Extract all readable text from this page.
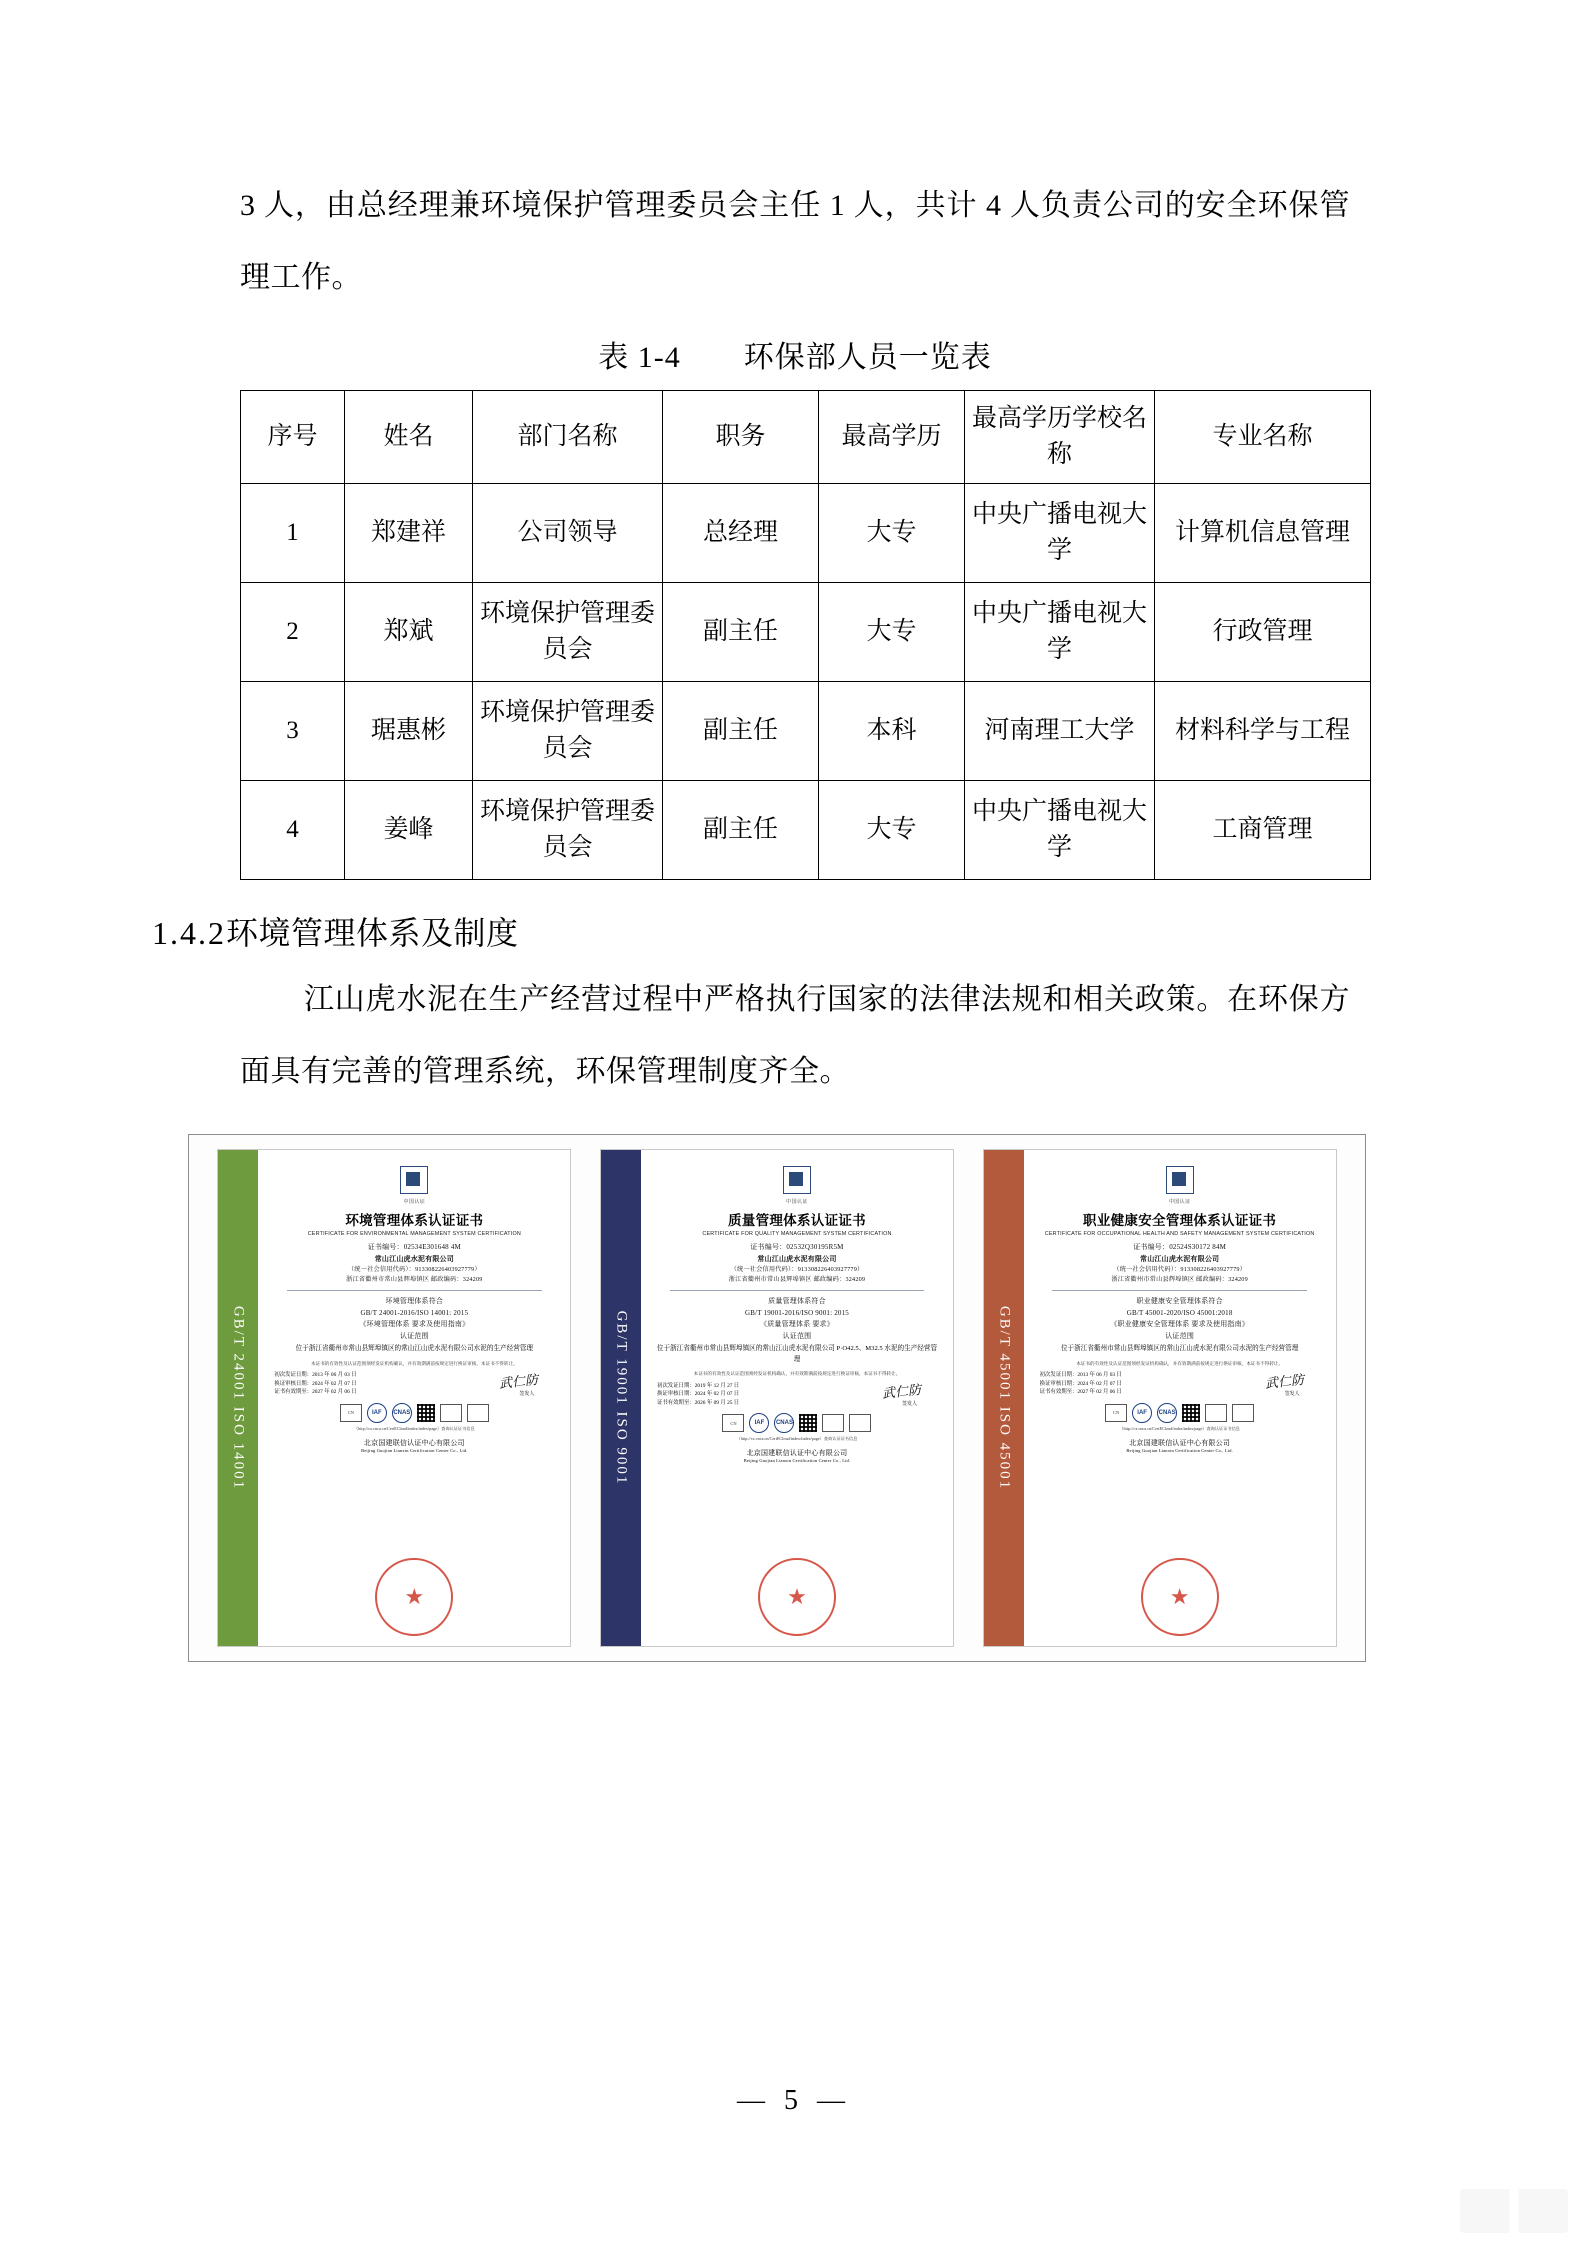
3 人，由总经理兼环境保护管理委员会主任 1 人，共计 4 人负责公司的安全环保管理工作。

表 1-4 环保部人员一览表
序号	姓名	部门名称	职务	最高学历	最高学历学校名称	专业名称
1	郑建祥	公司领导	总经理	大专	中央广播电视大学	计算机信息管理
2	郑斌	环境保护管理委员会	副主任	大专	中央广播电视大学	行政管理
3	琚惠彬	环境保护管理委员会	副主任	本科	河南理工大学	材料科学与工程
4	姜峰	环境保护管理委员会	副主任	大专	中央广播电视大学	工商管理
1.4.2环境管理体系及制度

江山虎水泥在生产经营过程中严格执行国家的法律法规和相关政策。在环保方面具有完善的管理系统，环保管理制度齐全。

GB/T 24001 ISO 14001
中国认证
环境管理体系认证证书
CERTIFICATE FOR ENVIRONMENTAL MANAGEMENT SYSTEM CERTIFICATION

证书编号：02534E301648 4M

常山江山虎水泥有限公司

（统一社会信用代码）：913308226403927779）

浙江省衢州市常山县辉埠镇区 邮政编码：324209

环境管理体系符合

GB/T 24001-2016/ISO 14001: 2015

《环境管理体系 要求及使用指南》

认证范围

位于浙江省衢州市常山县辉埠镇区的常山江山虎水泥有限公司水泥的生产经营管理
本证书的有效性及认证范围须经发证机构确认，并有效期满前按规定进行换证审核，本证书不得转让。
初次发证日期：2013 年 06 月 03 日
换证审核日期：2024 年 02 月 07 日
证书有效期至：2027 年 02 月 06 日
武仁防
签发人
CN	IAF	CNAS
（http://cx.cnca.cn/CertECloud/index/index/page）查询认证证书信息
北京国建联信认证中心有限公司
Beijing Guojian Lianxin Certification Center Co., Ltd.
★	GB/T 19001 ISO 9001
中国认证
质量管理体系认证证书
CERTIFICATE FOR QUALITY MANAGEMENT SYSTEM CERTIFICATION

证书编号：02532Q30195R5M

常山江山虎水泥有限公司

（统一社会信用代码）：913308226403927779）

浙江省衢州市常山县辉埠镇区 邮政编码：324209

质量管理体系符合

GB/T 19001-2016/ISO 9001: 2015

《质量管理体系 要求》

认证范围

位于浙江省衢州市常山县辉埠镇区的常山江山虎水泥有限公司 P·O42.5、M32.5 水泥的生产经营管理
本证书的有效性及认证范围须经发证机构确认，并有效期满前按规定进行换证审核，本证书不得转让。
初次发证日期：2019 年 12 月 27 日
换证审核日期：2024 年 02 月 07 日
证书有效期至：2026 年 09 月 25 日
武仁防
签发人
CN	IAF	CNAS
（http://cx.cnca.cn/CertECloud/index/index/page）查询认证证书信息
北京国建联信认证中心有限公司
Beijing Guojian Lianxin Certification Center Co., Ltd.
★	GB/T 45001 ISO 45001
中国认证
职业健康安全管理体系认证证书
CERTIFICATE FOR OCCUPATIONAL HEALTH AND SAFETY MANAGEMENT SYSTEM CERTIFICATION

证书编号：02524S30172 84M

常山江山虎水泥有限公司

（统一社会信用代码）：913308226403927779）

浙江省衢州市常山县辉埠镇区 邮政编码：324209

职业健康安全管理体系符合

GB/T 45001-2020/ISO 45001:2018

《职业健康安全管理体系 要求及使用指南》

认证范围

位于浙江省衢州市常山县辉埠镇区的常山江山虎水泥有限公司水泥的生产经营管理
本证书的有效性及认证范围须经发证机构确认，并有效期满前按规定进行换证审核，本证书不得转让。
初次发证日期：2013 年 06 月 03 日
换证审核日期：2024 年 02 月 07 日
证书有效期至：2027 年 02 月 06 日
武仁防
签发人
CN	IAF	CNAS
（http://cx.cnca.cn/CertECloud/index/index/page）查询认证证书信息
北京国建联信认证中心有限公司
Beijing Guojian Lianxin Certification Center Co., Ltd.
★
— 5 —
